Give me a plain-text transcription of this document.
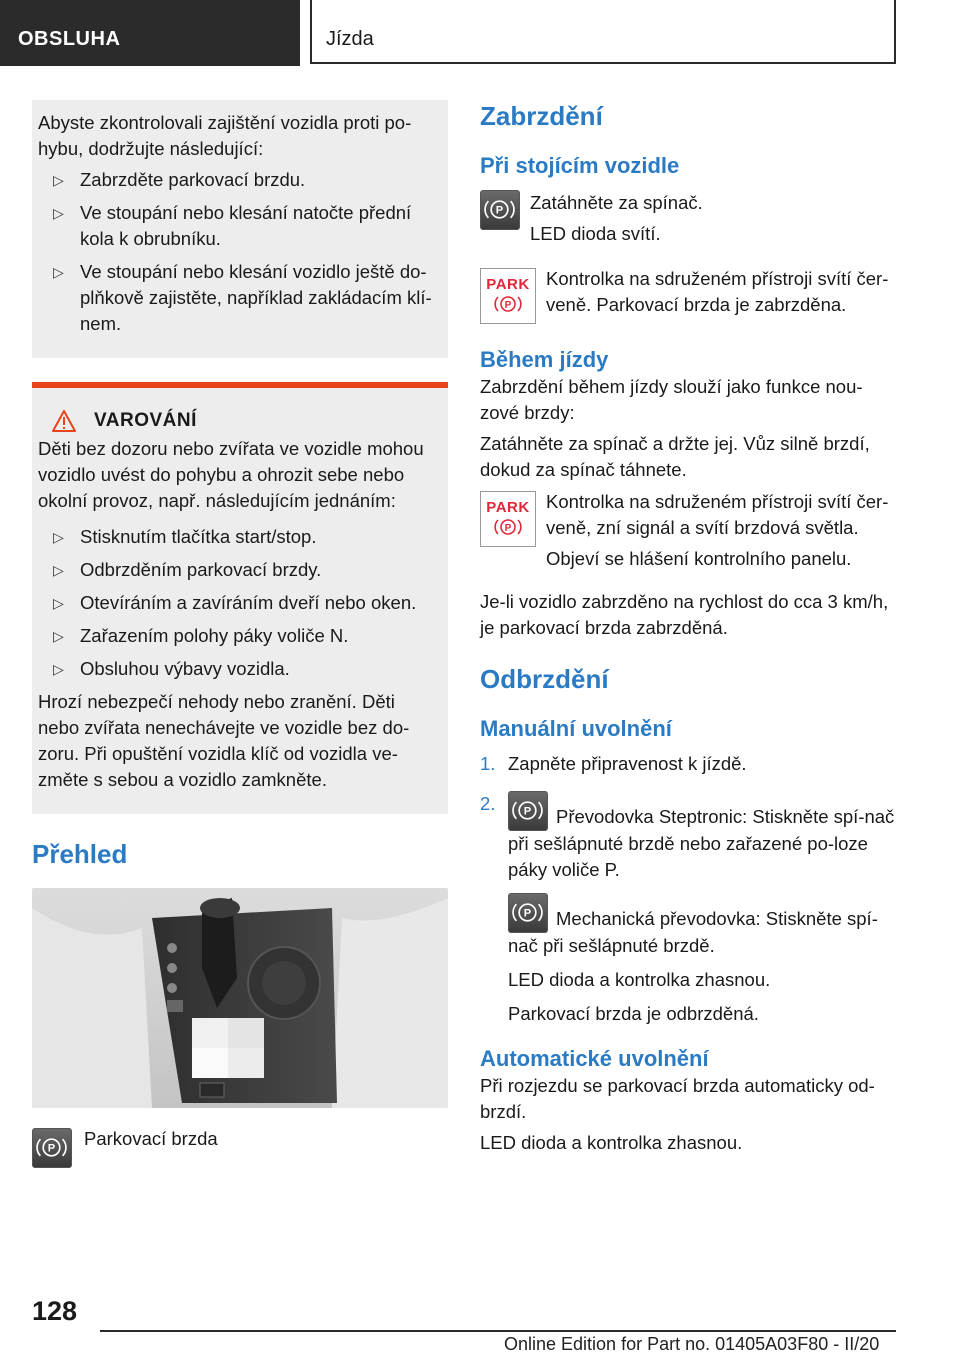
OBSLUHA	Jízda

Abyste zkontrolovali zajištění vozidla proti po-hybu, dodržujte následující:

▷ Zabrzděte parkovací brzdu.
▷ Ve stoupání nebo klesání natočte přední kola k obrubníku.
▷ Ve stoupání nebo klesání vozidlo ještě do-plňkově zajistěte, například zakládacím klí-nem.
VAROVÁNÍ

Děti bez dozoru nebo zvířata ve vozidle mohou vozidlo uvést do pohybu a ohrozit sebe nebo okolní provoz, např. následujícím jednáním:

▷ Stisknutím tlačítka start/stop.
▷ Odbrzděním parkovací brzdy.
▷ Otevíráním a zavíráním dveří nebo oken.
▷ Zařazením polohy páky voliče N.
▷ Obsluhou výbavy vozidla.

Hrozí nebezpečí nehody nebo zranění. Děti nebo zvířata nenechávejte ve vozidle bez do-zoru. Při opuštění vozidla klíč od vozidla ve-změte s sebou a vozidlo zamkněte.

Přehled
P Parkovací brzda
Zabrzdění
Při stojícím vozidle
P Zatáhněte za spínač.

LED dioda svítí.

PARK
P

Kontrolka na sdruženém přístroji svítí čer-veně. Parkovací brzda je zabrzděna.

Během jízdy

Zabrzdění během jízdy slouží jako funkce nou-zové brzdy:

Zatáhněte za spínač a držte jej. Vůz silně brzdí, dokud za spínač táhnete.

PARK
P

Kontrolka na sdruženém přístroji svítí čer-veně, zní signál a svítí brzdová světla.

Objeví se hlášení kontrolního panelu.

Je-li vozidlo zabrzděno na rychlost do cca 3 km/h, je parkovací brzda zabrzděná.

Odbrzdění
Manuální uvolnění
1. Zapněte připravenost k jízdě.
2. P Převodovka Steptronic: Stiskněte spí-nač při sešlápnuté brzdě nebo zařazené po-loze páky voliče P.

P Mechanická převodovka: Stiskněte spí-nač při sešlápnuté brzdě.

LED dioda a kontrolka zhasnou.

Parkovací brzda je odbrzděná.

Automatické uvolnění

Při rozjezdu se parkovací brzda automaticky od-brzdí.

LED dioda a kontrolka zhasnou.

128
Online Edition for Part no. 01405A03F80 - II/20
